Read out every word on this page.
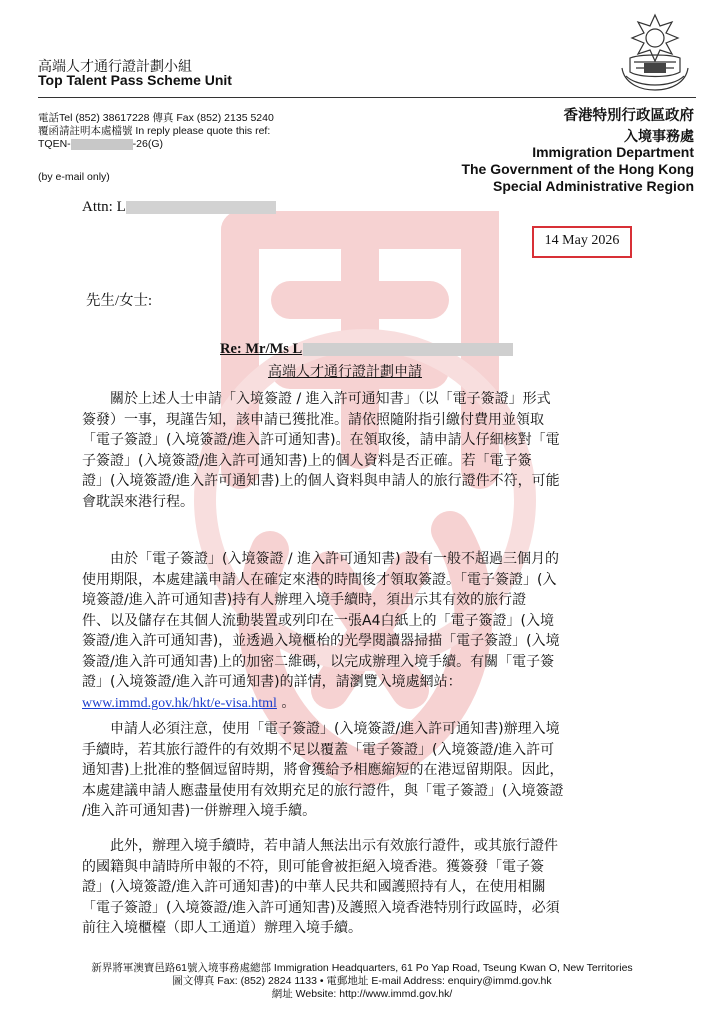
高端人才通行證計劃小組
Top Talent Pass Scheme Unit
電話Tel (852) 38617228 傳真 Fax (852) 2135 5240
覆函請註明本處檔號 In reply please quote this ref:
TQEN-	-26(G)
(by e-mail only)
香港特別行政區政府
入境事務處
Immigration Department
The Government of the Hong Kong
Special Administrative Region
Attn: L
14 May 2026
先生/女士:
Re: Mr/Ms L
高端人才通行證計劃申請
　　關於上述人士申請「入境簽證 / 進入許可通知書」（以「電子簽證」形式
簽發）一事，現謹告知，該申請已獲批准。請依照隨附指引繳付費用並領取
「電子簽證」(入境簽證/進入許可通知書)。在領取後，請申請人仔細核對「電
子簽證」(入境簽證/進入許可通知書)上的個人資料是否正確。若「電子簽
證」(入境簽證/進入許可通知書)上的個人資料與申請人的旅行證件不符，可能
會耽誤來港行程。
　　由於「電子簽證」(入境簽證 / 進入許可通知書) 設有一般不超過三個月的
使用期限，本處建議申請人在確定來港的時間後才領取簽證。「電子簽證」(入
境簽證/進入許可通知書)持有人辦理入境手續時，須出示其有效的旅行證
件、以及儲存在其個人流動裝置或列印在一張A4白紙上的「電子簽證」(入境
簽證/進入許可通知書)，並透過入境櫃枱的光學閱讀器掃描「電子簽證」(入境
簽證/進入許可通知書)上的加密二維碼，以完成辦理入境手續。有關「電子簽
證」(入境簽證/進入許可通知書)的詳情，請瀏覽入境處網站：
www.immd.gov.hk/hkt/e-visa.html 。
　　申請人必須注意，使用「電子簽證」(入境簽證/進入許可通知書)辦理入境
手續時，若其旅行證件的有效期不足以覆蓋「電子簽證」(入境簽證/進入許可
通知書)上批准的整個逗留時期，將會獲給予相應縮短的在港逗留期限。因此，
本處建議申請人應盡量使用有效期充足的旅行證件，與「電子簽證」(入境簽證
/進入許可通知書)一併辦理入境手續。
　　此外，辦理入境手續時，若申請人無法出示有效旅行證件，或其旅行證件
的國籍與申請時所申報的不符，則可能會被拒絕入境香港。獲簽發「電子簽
證」(入境簽證/進入許可通知書)的中華人民共和國護照持有人，在使用相關
「電子簽證」(入境簽證/進入許可通知書)及護照入境香港特別行政區時，必須
前往入境櫃檯（即人工通道）辦理入境手續。
新界將軍澳寶邑路61號入境事務處總部 Immigration Headquarters, 61 Po Yap Road, Tseung Kwan O, New Territories
圖文傳真 Fax: (852) 2824 1133 • 電郵地址 E-mail Address: enquiry@immd.gov.hk
網址 Website: http://www.immd.gov.hk/
